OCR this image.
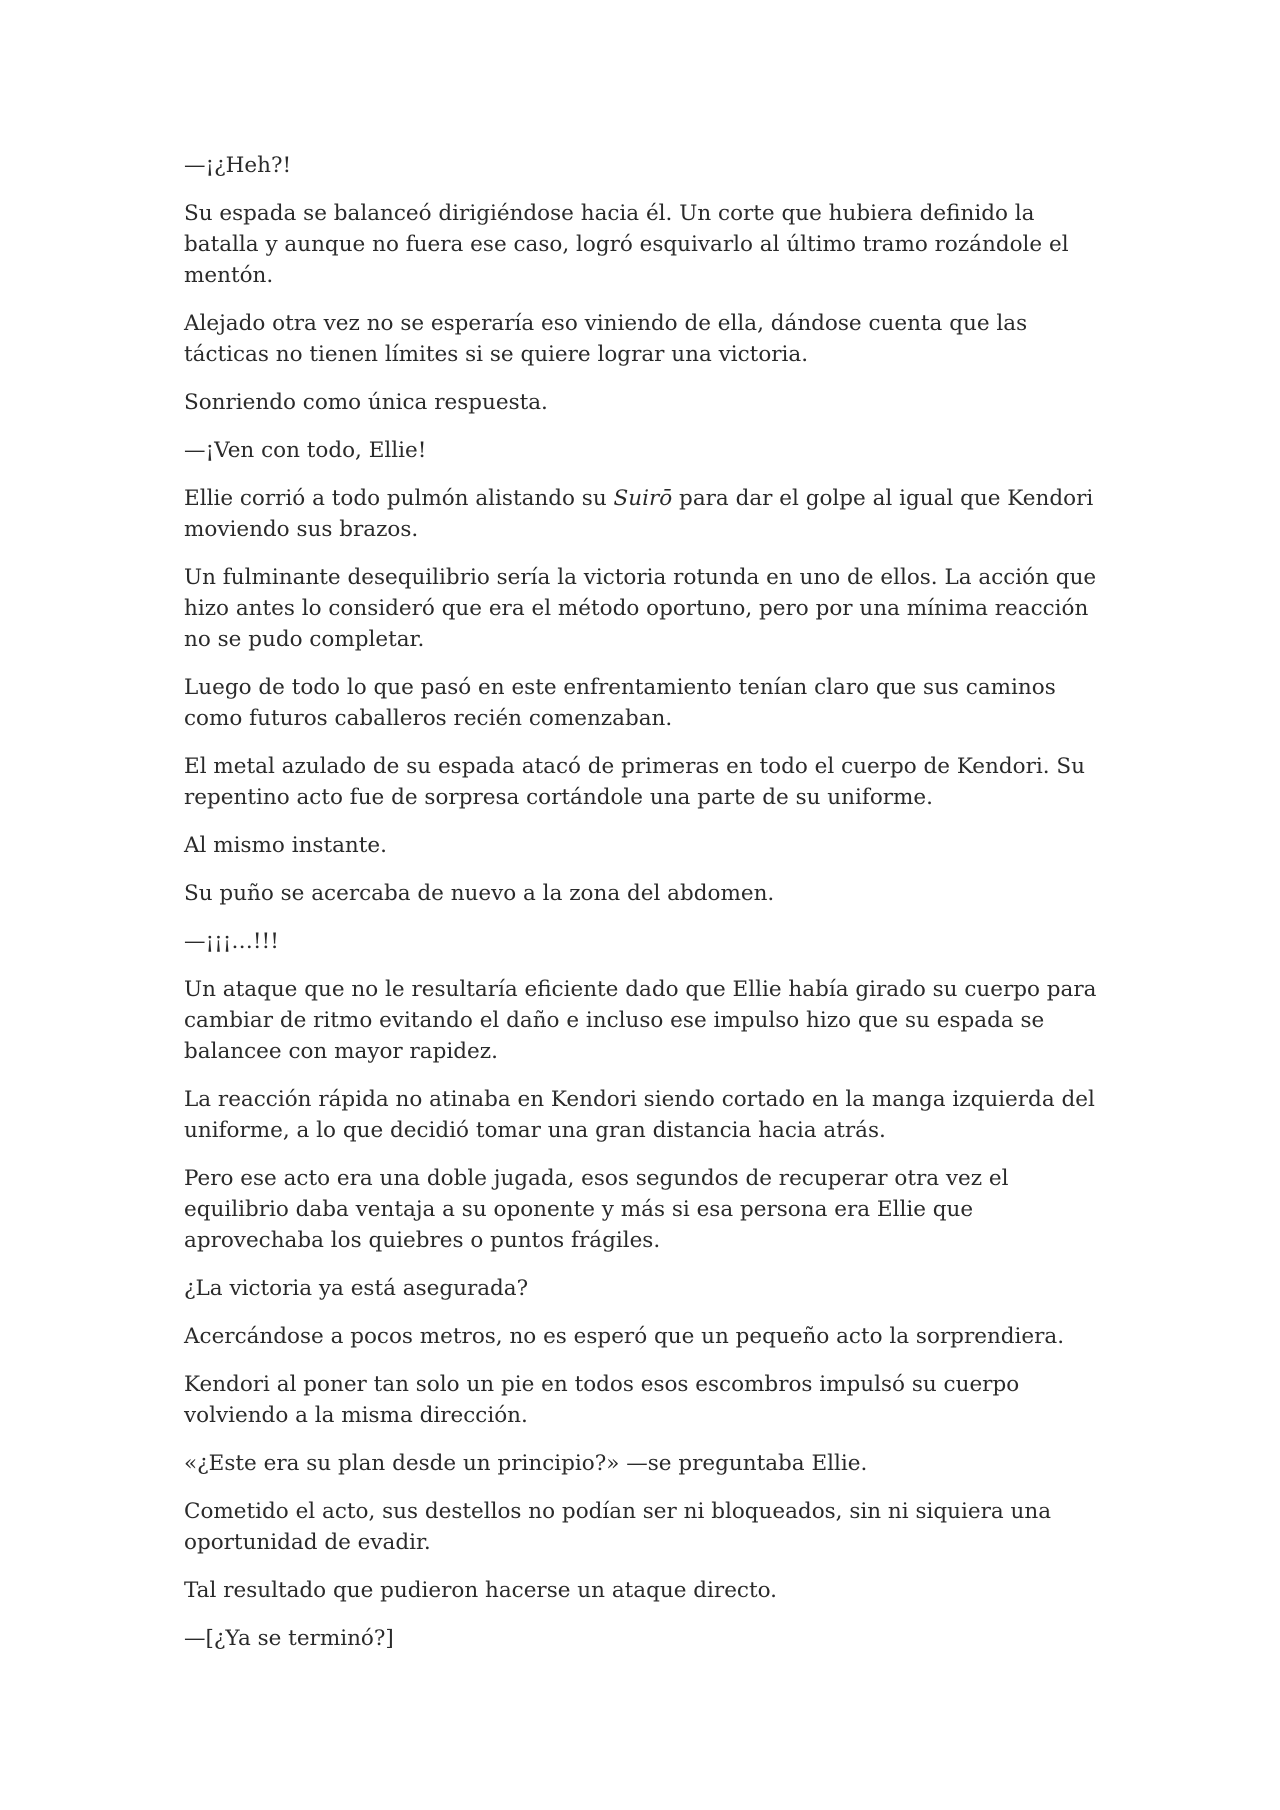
—¡¿Heh?!

Su espada se balanceó dirigiéndose hacia él. Un corte que hubiera definido la batalla y aunque no fuera ese caso, logró esquivarlo al último tramo rozándole el mentón.

Alejado otra vez no se esperaría eso viniendo de ella, dándose cuenta que las tácticas no tienen límites si se quiere lograr una victoria.

Sonriendo como única respuesta.

—¡Ven con todo, Ellie!

Ellie corrió a todo pulmón alistando su Suirō para dar el golpe al igual que Kendori moviendo sus brazos.

Un fulminante desequilibrio sería la victoria rotunda en uno de ellos. La acción que hizo antes lo consideró que era el método oportuno, pero por una mínima reacción no se pudo completar.

Luego de todo lo que pasó en este enfrentamiento tenían claro que sus caminos como futuros caballeros recién comenzaban.

El metal azulado de su espada atacó de primeras en todo el cuerpo de Kendori. Su repentino acto fue de sorpresa cortándole una parte de su uniforme.

Al mismo instante.

Su puño se acercaba de nuevo a la zona del abdomen.

—¡¡¡…!!!

Un ataque que no le resultaría eficiente dado que Ellie había girado su cuerpo para cambiar de ritmo evitando el daño e incluso ese impulso hizo que su espada se balancee con mayor rapidez.

La reacción rápida no atinaba en Kendori siendo cortado en la manga izquierda del uniforme, a lo que decidió tomar una gran distancia hacia atrás.

Pero ese acto era una doble jugada, esos segundos de recuperar otra vez el equilibrio daba ventaja a su oponente y más si esa persona era Ellie que aprovechaba los quiebres o puntos frágiles.

¿La victoria ya está asegurada?

Acercándose a pocos metros, no es esperó que un pequeño acto la sorprendiera.

Kendori al poner tan solo un pie en todos esos escombros impulsó su cuerpo volviendo a la misma dirección.

«¿Este era su plan desde un principio?» —se preguntaba Ellie.

Cometido el acto, sus destellos no podían ser ni bloqueados, sin ni siquiera una oportunidad de evadir.

Tal resultado que pudieron hacerse un ataque directo.

—[¿Ya se terminó?]
